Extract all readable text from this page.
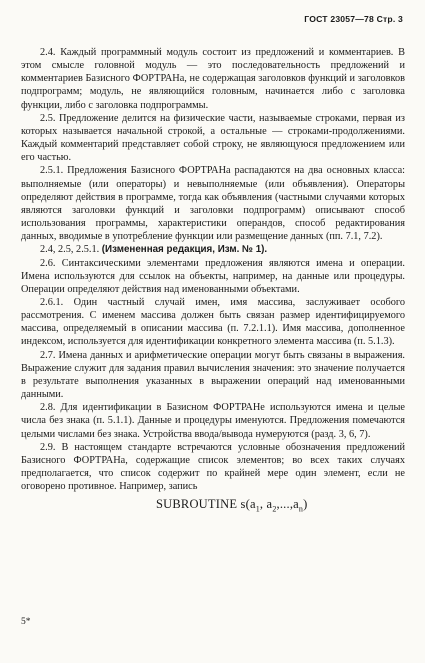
ГОСТ 23057—78 Стр. 3

2.4. Каждый программный модуль состоит из предложений и комментариев. В этом смысле головной модуль — это последовательность предложений и комментариев Базисного ФОРТРАНа, не содержащая заголовков функций и заголовков подпрограмм; модуль, не являющийся головным, начинается либо с заголовка функции, либо с заголовка подпрограммы.

2.5. Предложение делится на физические части, называемые строками, первая из которых называется начальной строкой, а остальные — строками-продолжениями. Каждый комментарий представляет собой строку, не являющуюся предложением или его частью.

2.5.1. Предложения Базисного ФОРТРАНа распадаются на два основных класса: выполняемые (или операторы) и невыполняемые (или объявления). Операторы определяют действия в программе, тогда как объявления (частными случаями которых являются заголовки функций и заголовки подпрограмм) описывают способ использования программы, характеристики операндов, способ редактирования данных, вводимые в употребление функции или размещение данных (пп. 7.1, 7.2).

2.4, 2.5, 2.5.1. (Измененная редакция, Изм. № 1).

2.6. Синтаксическими элементами предложения являются имена и операции. Имена используются для ссылок на объекты, например, на данные или процедуры. Операции определяют действия над именованными объектами.

2.6.1. Один частный случай имен, имя массива, заслуживает особого рассмотрения. С именем массива должен быть связан размер идентифицируемого массива, определяемый в описании массива (п. 7.2.1.1). Имя массива, дополненное индексом, используется для идентификации конкретного элемента массива (п. 5.1.3).

2.7. Имена данных и арифметические операции могут быть связаны в выражения. Выражение служит для задания правил вычисления значения: это значение получается в результате выполнения указанных в выражении операций над именованными данными.

2.8. Для идентификации в Базисном ФОРТРАНе используются имена и целые числа без знака (п. 5.1.1). Данные и процедуры именуются. Предложения помечаются целыми числами без знака. Устройства ввода/вывода нумеруются (разд. 3, 6, 7).

2.9. В настоящем стандарте встречаются условные обозначения предложений Базисного ФОРТРАНа, содержащие список элементов; во всех таких случаях предполагается, что список содержит по крайней мере один элемент, если не оговорено противное. Например, запись

SUBROUTINE $s(a_1$, $a_2,...,a_n$)
5*
